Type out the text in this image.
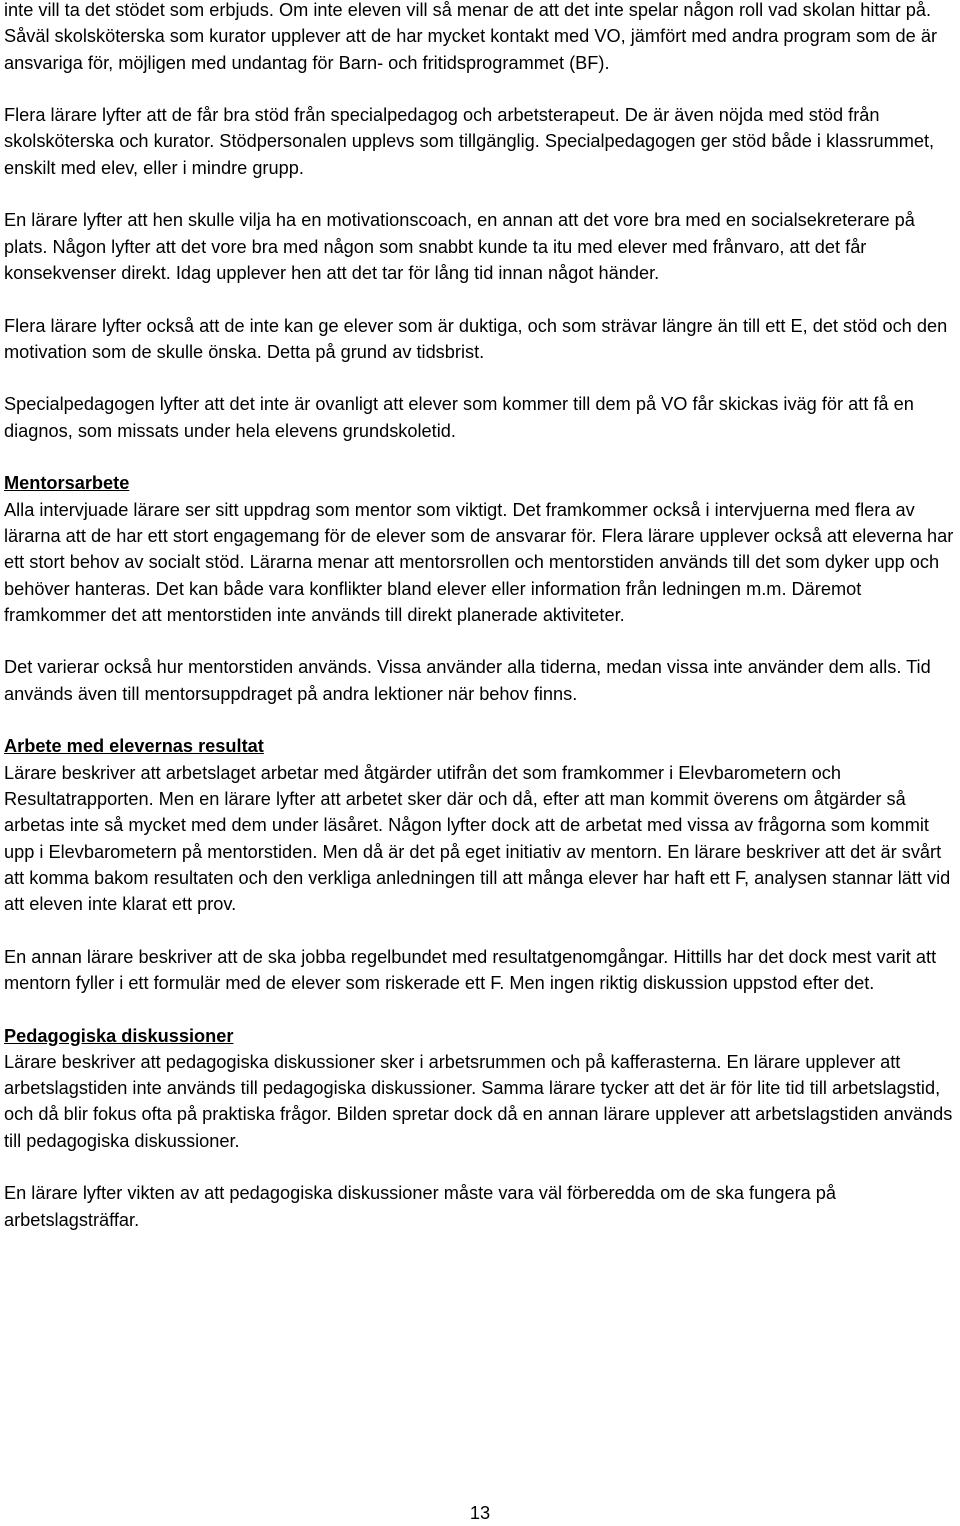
inte vill ta det stödet som erbjuds. Om inte eleven vill så menar de att det inte spelar någon roll vad skolan hittar på. Såväl skolsköterska som kurator upplever att de har mycket kontakt med VO, jämfört med andra program som de är ansvariga för, möjligen med undantag för Barn- och fritidsprogrammet (BF).

Flera lärare lyfter att de får bra stöd från specialpedagog och arbetsterapeut. De är även nöjda med stöd från skolsköterska och kurator. Stödpersonalen upplevs som tillgänglig. Specialpedagogen ger stöd både i klassrummet, enskilt med elev, eller i mindre grupp.

En lärare lyfter att hen skulle vilja ha en motivationscoach, en annan att det vore bra med en socialsekreterare på plats. Någon lyfter att det vore bra med någon som snabbt kunde ta itu med elever med frånvaro, att det får konsekvenser direkt. Idag upplever hen att det tar för lång tid innan något händer.

Flera lärare lyfter också att de inte kan ge elever som är duktiga, och som strävar längre än till ett E, det stöd och den motivation som de skulle önska. Detta på grund av tidsbrist.

Specialpedagogen lyfter att det inte är ovanligt att elever som kommer till dem på VO får skickas iväg för att få en diagnos, som missats under hela elevens grundskoletid.

Mentorsarbete

Alla intervjuade lärare ser sitt uppdrag som mentor som viktigt. Det framkommer också i intervjuerna med flera av lärarna att de har ett stort engagemang för de elever som de ansvarar för. Flera lärare upplever också att eleverna har ett stort behov av socialt stöd. Lärarna menar att mentorsrollen och mentorstiden används till det som dyker upp och behöver hanteras. Det kan både vara konflikter bland elever eller information från ledningen m.m. Däremot framkommer det att mentorstiden inte används till direkt planerade aktiviteter.

Det varierar också hur mentorstiden används. Vissa använder alla tiderna, medan vissa inte använder dem alls. Tid används även till mentorsuppdraget på andra lektioner när behov finns.

Arbete med elevernas resultat

Lärare beskriver att arbetslaget arbetar med åtgärder utifrån det som framkommer i Elevbarometern och Resultatrapporten. Men en lärare lyfter att arbetet sker där och då, efter att man kommit överens om åtgärder så arbetas inte så mycket med dem under läsåret. Någon lyfter dock att de arbetat med vissa av frågorna som kommit upp i Elevbarometern på mentorstiden. Men då är det på eget initiativ av mentorn. En lärare beskriver att det är svårt att komma bakom resultaten och den verkliga anledningen till att många elever har haft ett F, analysen stannar lätt vid att eleven inte klarat ett prov.

En annan lärare beskriver att de ska jobba regelbundet med resultatgenomgångar. Hittills har det dock mest varit att mentorn fyller i ett formulär med de elever som riskerade ett F. Men ingen riktig diskussion uppstod efter det.

Pedagogiska diskussioner

Lärare beskriver att pedagogiska diskussioner sker i arbetsrummen och på kafferasterna. En lärare upplever att arbetslagstiden inte används till pedagogiska diskussioner. Samma lärare tycker att det är för lite tid till arbetslagstid, och då blir fokus ofta på praktiska frågor. Bilden spretar dock då en annan lärare upplever att arbetslagstiden används till pedagogiska diskussioner.

En lärare lyfter vikten av att pedagogiska diskussioner måste vara väl förberedda om de ska fungera på arbetslagsträffar.

13
